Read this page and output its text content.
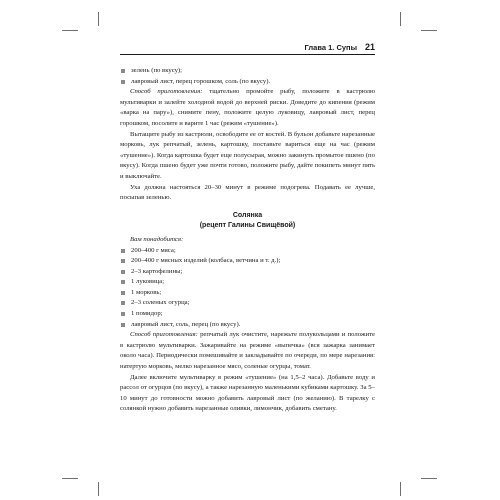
Глава 1. Супы 21
зелень (по вкусу);
лавровый лист, перец горошком, соль (по вкусу).

Способ приготовления: тщательно промойте рыбу, положите в кастрюлю мультиварки и залейте холодной водой до верхней риски. Доведите до кипения (режим «варка на пару»), снимите пену, положите целую луковицу, лавровый лист, перец горошком, посолите и варите 1 час (режим «тушение»).

Вытащите рыбу из кастрюли, освободите ее от костей. В бульон добавьте нарезанные морковь, лук репчатый, зелень, картошку, поставьте вариться еще на час (режим «тушение»). Когда картошка будет еще полусырая, можно закинуть промытое пшено (по вкусу). Когда пшено будет уже почти готово, положите рыбу, дайте покипеть минут пять и выключайте.

Уха должна настояться 20–30 минут в режиме подогрева. Подавать ее лучше, посыпав зеленью.

Солянка
(рецепт Галины Свищёвой)

Вам понадобится:

200–400 г мяса;
200–400 г мясных изделий (колбаса, ветчина и т. д.);
2–3 картофелины;
1 луковица;
1 морковь;
2–3 соленых огурца;
1 помидор;
лавровый лист, соль, перец (по вкусу).

Способ приготовления: репчатый лук очистите, нарежьте полукольцами и положите в кастрюлю мультиварки. Зажаривайте на режиме «выпечка» (вся зажарка занимает около часа). Периодически помешивайте и закладывайте по очереди, по мере нарезания: натертую морковь, мелко нарезанное мясо, соленые огурцы, томат.

Далее включите мультиварку в режим «тушение» (на 1,5–2 часа). Добавьте воду и рассол от огурцов (по вкусу), а также нарезанную маленькими кубиками картошку. За 5–10 минут до готовности можно добавить лавровый лист (по желанию). В тарелку с солянкой нужно добавить нарезанные оливки, лимончик, добавить сметану.
